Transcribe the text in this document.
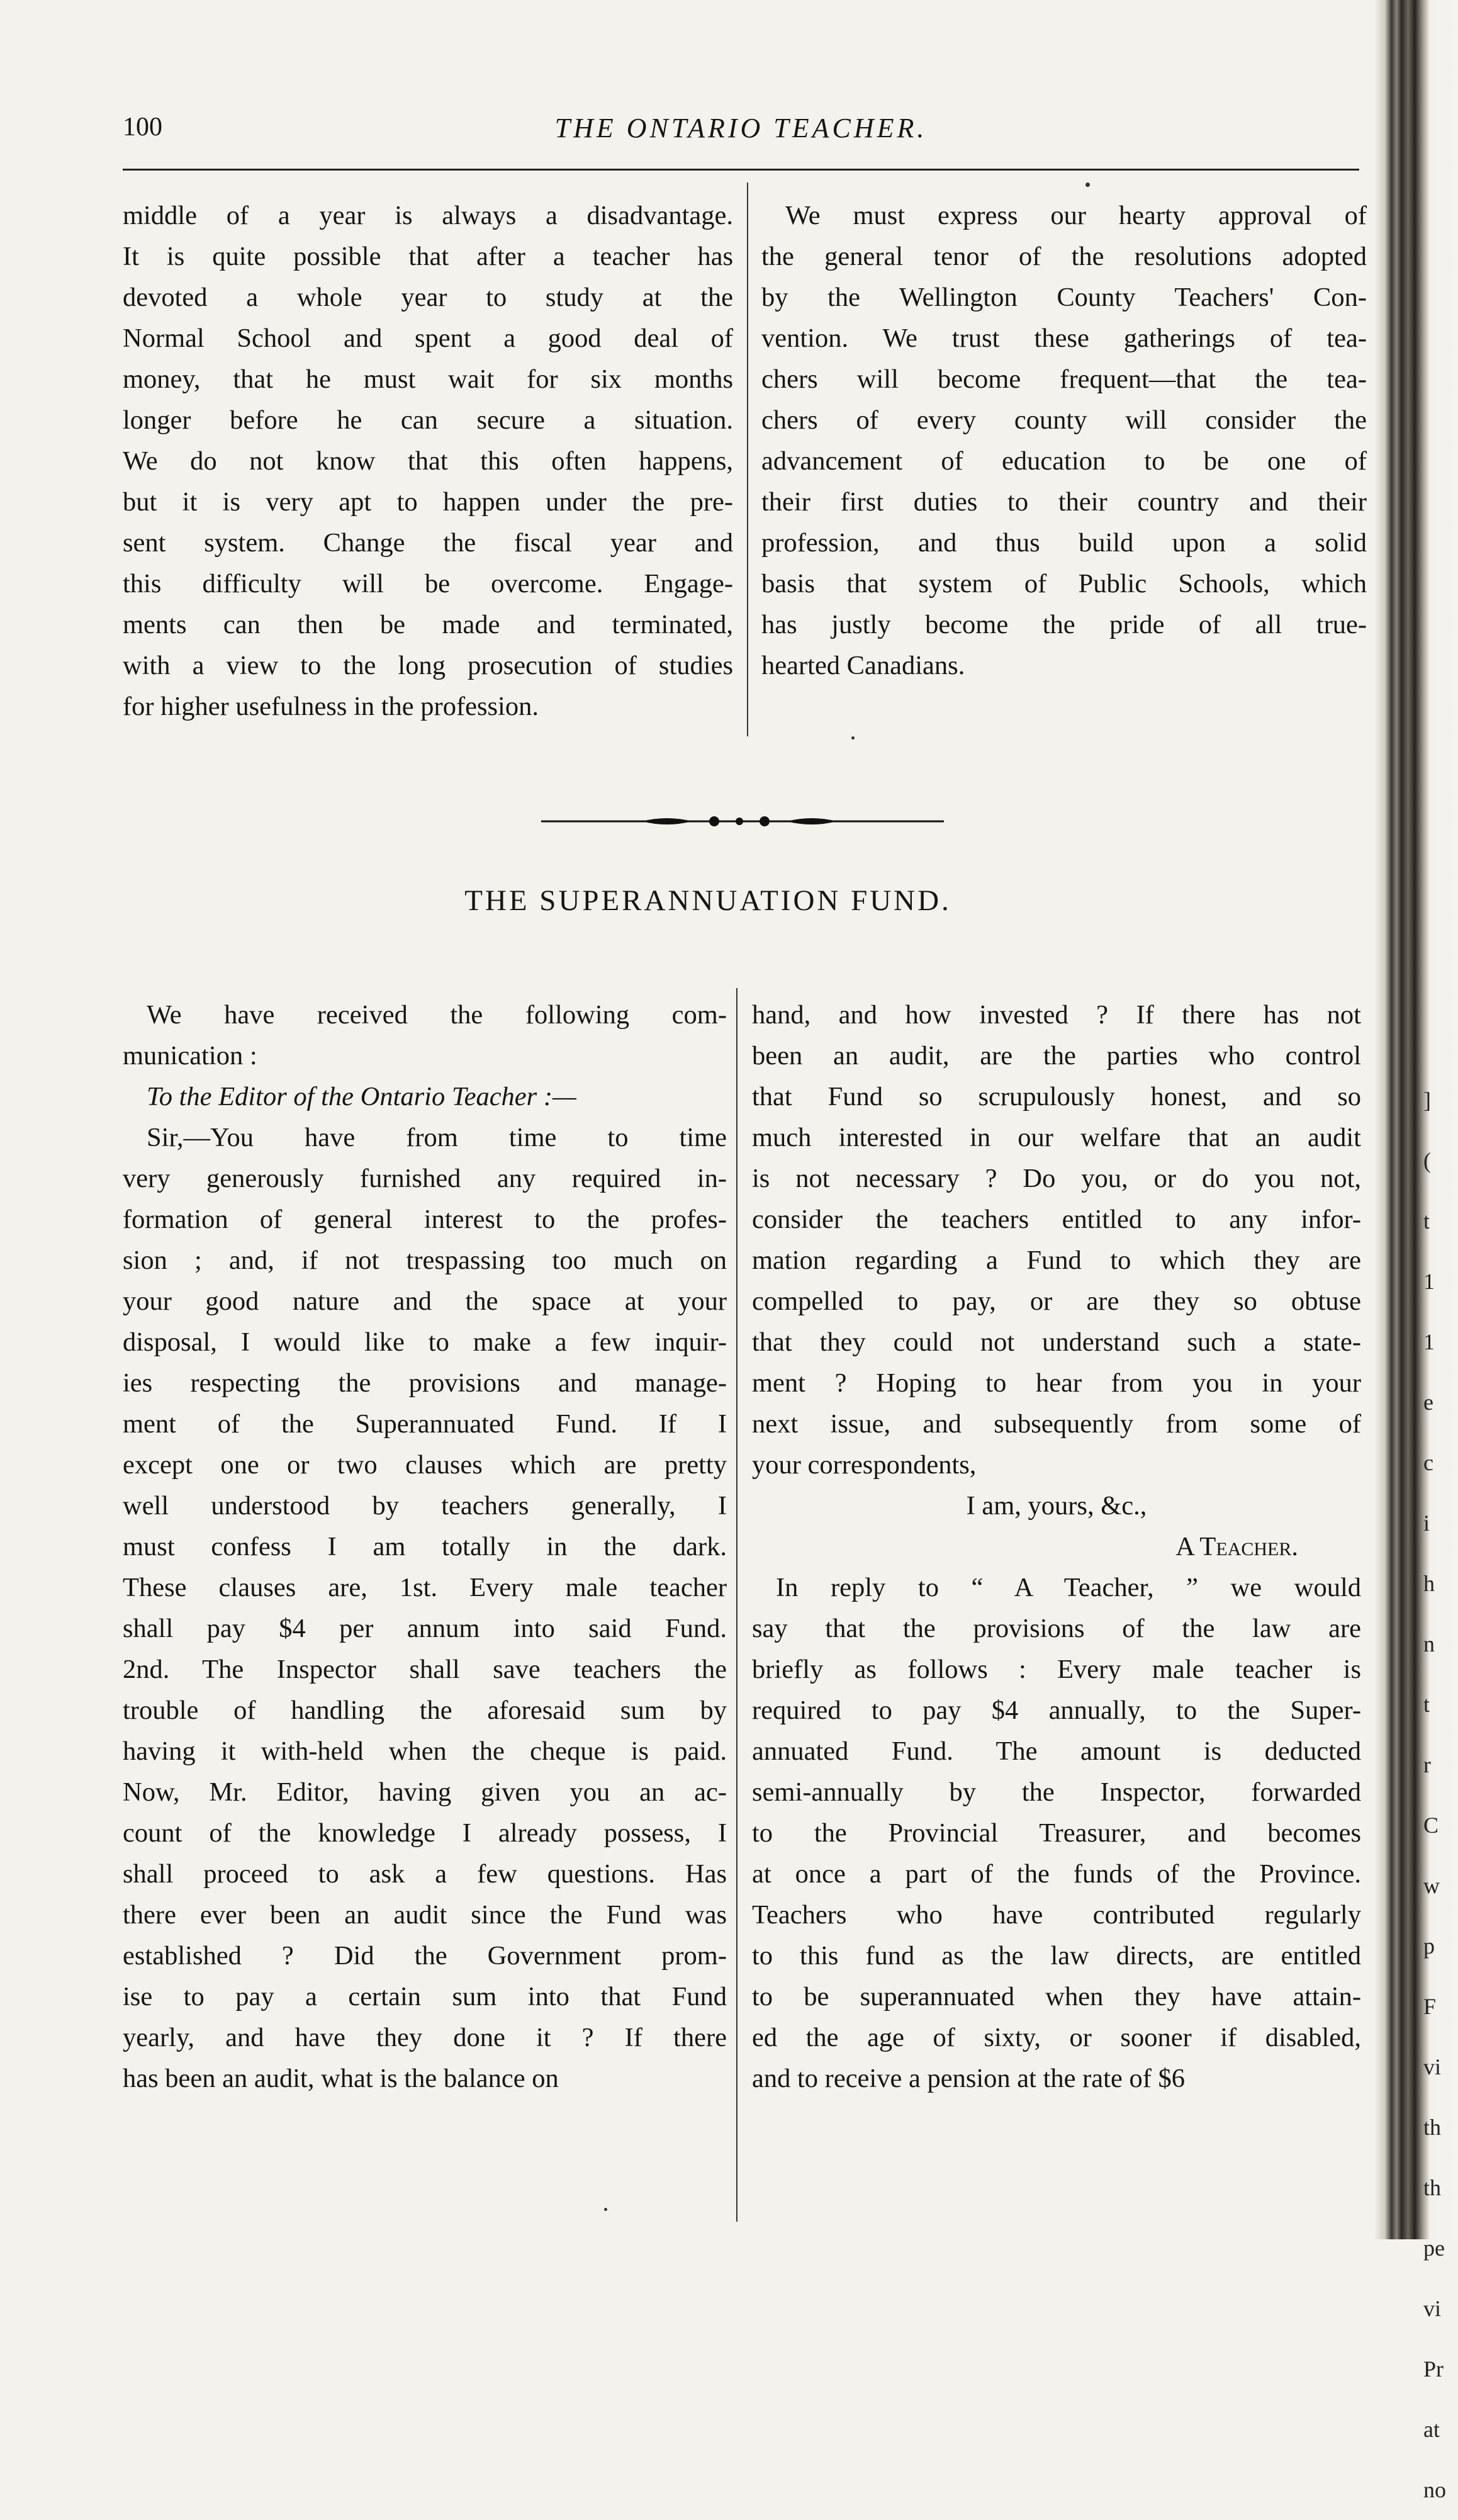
100	THE ONTARIO TEACHER.
middle of a year is always a disadvantage.
It is quite possible that after a teacher has
devoted a whole year to study at the
Normal School and spent a good deal of
money, that he must wait for six months
longer before he can secure a situation.
We do not know that this often happens,
but it is very apt to happen under the pre-
sent system. Change the fiscal year and
this difficulty will be overcome. Engage-
ments can then be made and terminated,
with a view to the long prosecution of studies
for higher usefulness in the profession.
We must express our hearty approval of
the general tenor of the resolutions adopted
by the Wellington County Teachers' Con-
vention. We trust these gatherings of tea-
chers will become frequent—that the tea-
chers of every county will consider the
advancement of education to be one of
their first duties to their country and their
profession, and thus build upon a solid
basis that system of Public Schools, which
has justly become the pride of all true-
hearted Canadians.
THE SUPERANNUATION FUND.
We have received the following com-
munication :
To the Editor of the Ontario Teacher :—
Sir,—You have from time to time
very generously furnished any required in-
formation of general interest to the profes-
sion ; and, if not trespassing too much on
your good nature and the space at your
disposal, I would like to make a few inquir-
ies respecting the provisions and manage-
ment of the Superannuated Fund. If I
except one or two clauses which are pretty
well understood by teachers generally, I
must confess I am totally in the dark.
These clauses are, 1st. Every male teacher
shall pay $4 per annum into said Fund.
2nd. The Inspector shall save teachers the
trouble of handling the aforesaid sum by
having it with-held when the cheque is paid.
Now, Mr. Editor, having given you an ac-
count of the knowledge I already possess, I
shall proceed to ask a few questions. Has
there ever been an audit since the Fund was
established ? Did the Government prom-
ise to pay a certain sum into that Fund
yearly, and have they done it ? If there
has been an audit, what is the balance on
hand, and how invested ? If there has not
been an audit, are the parties who control
that Fund so scrupulously honest, and so
much interested in our welfare that an audit
is not necessary ? Do you, or do you not,
consider the teachers entitled to any infor-
mation regarding a Fund to which they are
compelled to pay, or are they so obtuse
that they could not understand such a state-
ment ? Hoping to hear from you in your
next issue, and subsequently from some of
your correspondents,
I am, yours, &c.,
A Teacher.
In reply to “ A Teacher, ” we would
say that the provisions of the law are
briefly as follows : Every male teacher is
required to pay $4 annually, to the Super-
annuated Fund. The amount is deducted
semi-annually by the Inspector, forwarded
to the Provincial Treasurer, and becomes
at once a part of the funds of the Province.
Teachers who have contributed regularly
to this fund as the law directs, are entitled
to be superannuated when they have attain-
ed the age of sixty, or sooner if disabled,
and to receive a pension at the rate of $6
]
(
t
1
1
e
c
i
h
n
t
r
C
w
p
F
vi
th
th
pe
vi
Pr
at
no
